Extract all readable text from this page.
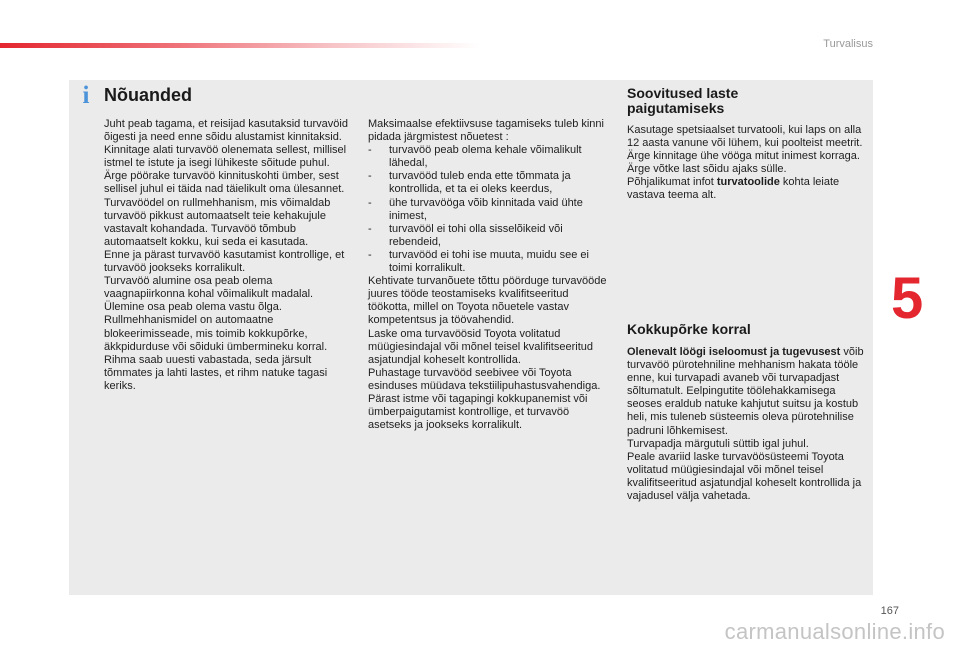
Turvalisus
i Nõuanded

Juht peab tagama, et reisijad kasutaksid turvavöid õigesti ja need enne sõidu alustamist kinnitaksid.

Kinnitage alati turvavöö olenemata sellest, millisel istmel te istute ja isegi lühikeste sõitude puhul.

Ärge pöörake turvavöö kinnituskohti ümber, sest sellisel juhul ei täida nad täielikult oma ülesannet.

Turvavöödel on rullmehhanism, mis võimaldab turvavöö pikkust automaatselt teie kehakujule vastavalt kohandada. Turvavöö tõmbub automaatselt kokku, kui seda ei kasutada.

Enne ja pärast turvavöö kasutamist kontrollige, et turvavöö jookseks korralikult.

Turvavöö alumine osa peab olema vaagnapiirkonna kohal võimalikult madalal.

Ülemine osa peab olema vastu õlga.

Rullmehhanismidel on automaatne blokeerimisseade, mis toimib kokkupõrke, äkkpidurduse või sõiduki ümbermineku korral. Rihma saab uuesti vabastada, seda järsult tõmmates ja lahti lastes, et rihm natuke tagasi keriks.

Maksimaalse efektiivsuse tagamiseks tuleb kinni pidada järgmistest nõuetest :

- turvavöö peab olema kehale võimalikult lähedal,
- turvavööd tuleb enda ette tõmmata ja kontrollida, et ta ei oleks keerdus,
- ühe turvavööga võib kinnitada vaid ühte inimest,
- turvavööl ei tohi olla sisselõikeid või rebendeid,
- turvavööd ei tohi ise muuta, muidu see ei toimi korralikult.

Kehtivate turvanõuete tõttu pöörduge turvavööde juures tööde teostamiseks kvalifitseeritud töökotta, millel on Toyota nõuetele vastav kompetentsus ja töövahendid.

Laske oma turvavöösid Toyota volitatud müügiesindajal või mõnel teisel kvalifitseeritud asjatundjal koheselt kontrollida.

Puhastage turvavööd seebivee või Toyota esinduses müüdava tekstiilipuhastusvahendiga.

Pärast istme või tagapingi kokkupanemist või ümberpaigutamist kontrollige, et turvavöö asetseks ja jookseks korralikult.

Soovitused laste paigutamiseks

Kasutage spetsiaalset turvatooli, kui laps on alla 12 aasta vanune või lühem, kui poolteist meetrit.

Ärge kinnitage ühe vööga mitut inimest korraga.

Ärge võtke last sõidu ajaks sülle.

Põhjalikumat infot turvatoolide kohta leiate vastava teema alt.

Kokkupõrke korral

Olenevalt löögi iseloomust ja tugevusest võib turvavöö pürotehniline mehhanism hakata tööle enne, kui turvapadi avaneb või turvapadjast sõltumatult. Eelpingutite töölehakkamisega seoses eraldub natuke kahjutut suitsu ja kostub heli, mis tuleneb süsteemis oleva pürotehnilise padruni lõhkemisest.

Turvapadja märgutuli süttib igal juhul.

Peale avariid laske turvavöösüsteemi Toyota volitatud müügiesindajal või mõnel teisel kvalifitseeritud asjatundjal koheselt kontrollida ja vajadusel välja vahetada.

5
167
carmanualsonline.info
